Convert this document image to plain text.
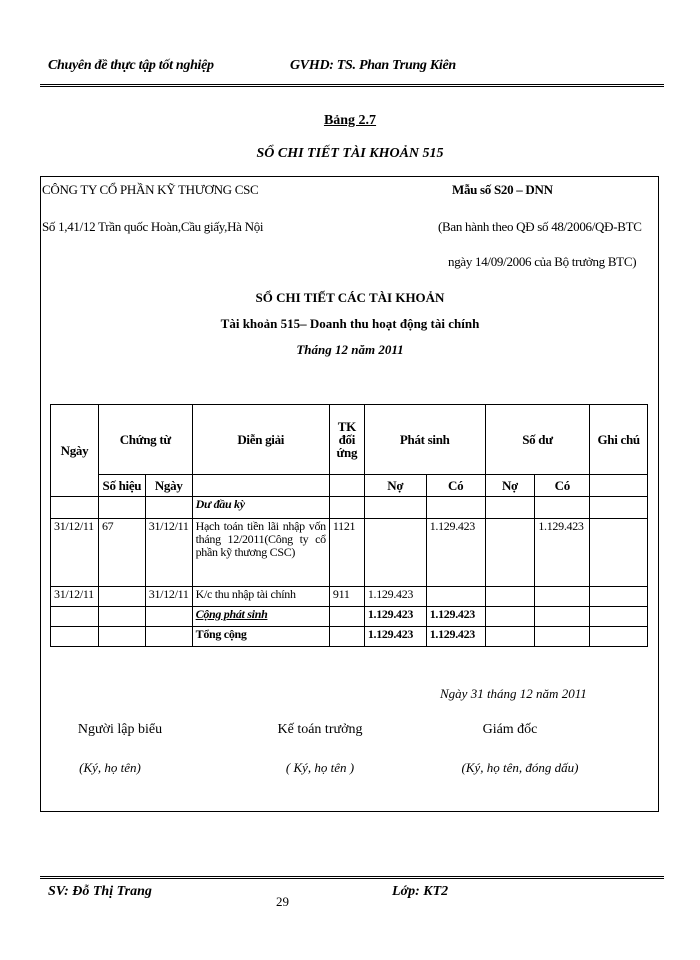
Chuyên đề thực tập tốt nghiệp	GVHD: TS. Phan Trung Kiên
Bảng 2.7
SỔ CHI TIẾT TÀI KHOẢN 515
CÔNG TY CỔ PHẦN KỸ THƯƠNG CSC
Số 1,41/12 Trần quốc Hoàn,Cầu giấy,Hà Nội
Mẫu số S20 – DNN
(Ban hành theo QĐ số 48/2006/QĐ-BTC
ngày 14/09/2006 của Bộ trưởng BTC)
SỔ CHI TIẾT CÁC TÀI KHOẢN
Tài khoản 515– Doanh thu hoạt động tài chính
Tháng 12 năm 2011
Ngày	Chứng từ		Diễn giải	TK đối ứng	Phát sinh		Số dư		Ghi chú
	Số hiệu	Ngày			Nợ	Có	Nợ	Có	
			Dư đầu kỳ						
31/12/11	67	31/12/11	Hạch toán tiền lãi nhập vốn tháng 12/2011(Công ty cổ phần kỹ thương CSC)	1121		1.129.423		1.129.423	
31/12/11		31/12/11	K/c thu nhập tài chính	911	1.129.423				
			Cộng phát sinh		1.129.423	1.129.423			
			Tổng cộng		1.129.423	1.129.423			
Ngày 31 tháng 12 năm 2011
Người lập biểu	Kế toán trưởng	Giám đốc
(Ký, họ tên)	( Ký, họ tên )	(Ký, họ tên, đóng dấu)
SV: Đỗ Thị Trang
29
Lớp: KT2
